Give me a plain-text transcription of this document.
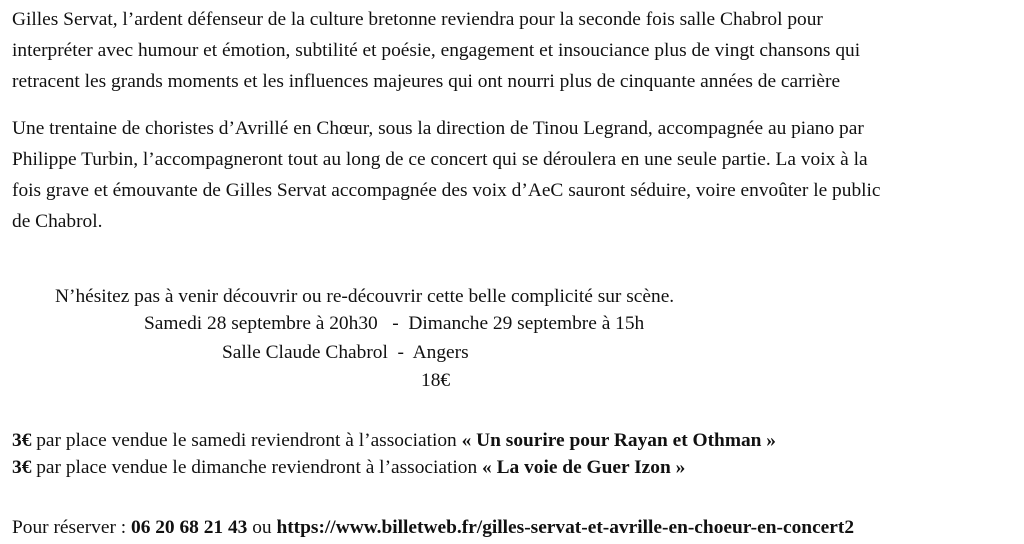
Gilles Servat, l’ardent défenseur de la culture bretonne reviendra pour la seconde fois salle Chabrol pour
interpréter avec humour et émotion, subtilité et poésie, engagement et insouciance plus de vingt chansons qui
retracent les grands moments et les influences majeures qui ont nourri plus de cinquante années de carrière
Une trentaine de choristes d’Avrillé en Chœur, sous la direction de Tinou Legrand, accompagnée au piano par
Philippe Turbin, l’accompagneront tout au long de ce concert qui se déroulera en une seule partie. La voix à la
fois grave et émouvante de Gilles Servat accompagnée des voix d’AeC sauront séduire, voire envoûter le public
de Chabrol.
N’hésitez pas à venir découvrir ou re-découvrir cette belle complicité sur scène.
Samedi 28 septembre à 20h30   -  Dimanche 29 septembre à 15h
Salle Claude Chabrol  -  Angers
18€
3€ par place vendue le samedi reviendront à l’association « Un sourire pour Rayan et Othman »
3€ par place vendue le dimanche reviendront à l’association « La voie de Guer Izon »
Pour réserver : 06 20 68 21 43 ou https://www.billetweb.fr/gilles-servat-et-avrille-en-choeur-en-concert2
